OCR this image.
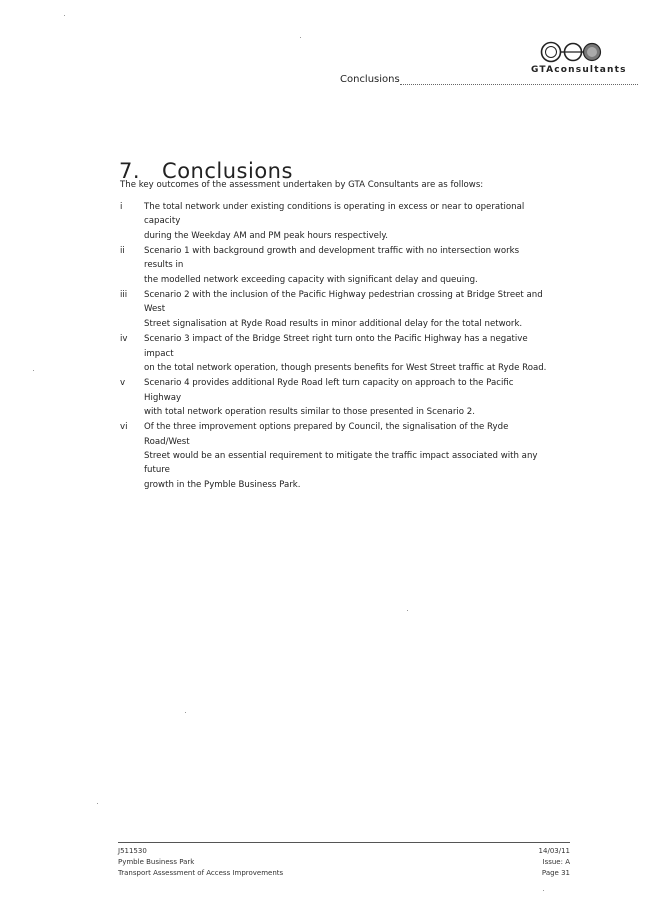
GTAconsultants
Conclusions
7. Conclusions
The key outcomes of the assessment undertaken by GTA Consultants are as follows:
i	The total network under existing conditions is operating in excess or near to operational capacity
during the Weekday AM and PM peak hours respectively.
ii Scenario 1 with background growth and development traffic with no intersection works results in
the modelled network exceeding capacity with significant delay and queuing.
iii Scenario 2 with the inclusion of the Pacific Highway pedestrian crossing at Bridge Street and West
Street signalisation at Ryde Road results in minor additional delay for the total network.
iv Scenario 3 impact of the Bridge Street right turn onto the Pacific Highway has a negative impact
on the total network operation, though presents benefits for West Street traffic at Ryde Road.
v Scenario 4 provides additional Ryde Road left turn capacity on approach to the Pacific Highway
with total network operation results similar to those presented in Scenario 2.
vi Of the three improvement options prepared by Council, the signalisation of the Ryde Road/West
Street would be an essential requirement to mitigate the traffic impact associated with any future
growth in the Pymble Business Park.
J511530
Pymble Business Park
Transport Assessment of Access Improvements
14/03/11
Issue: A
Page 31
